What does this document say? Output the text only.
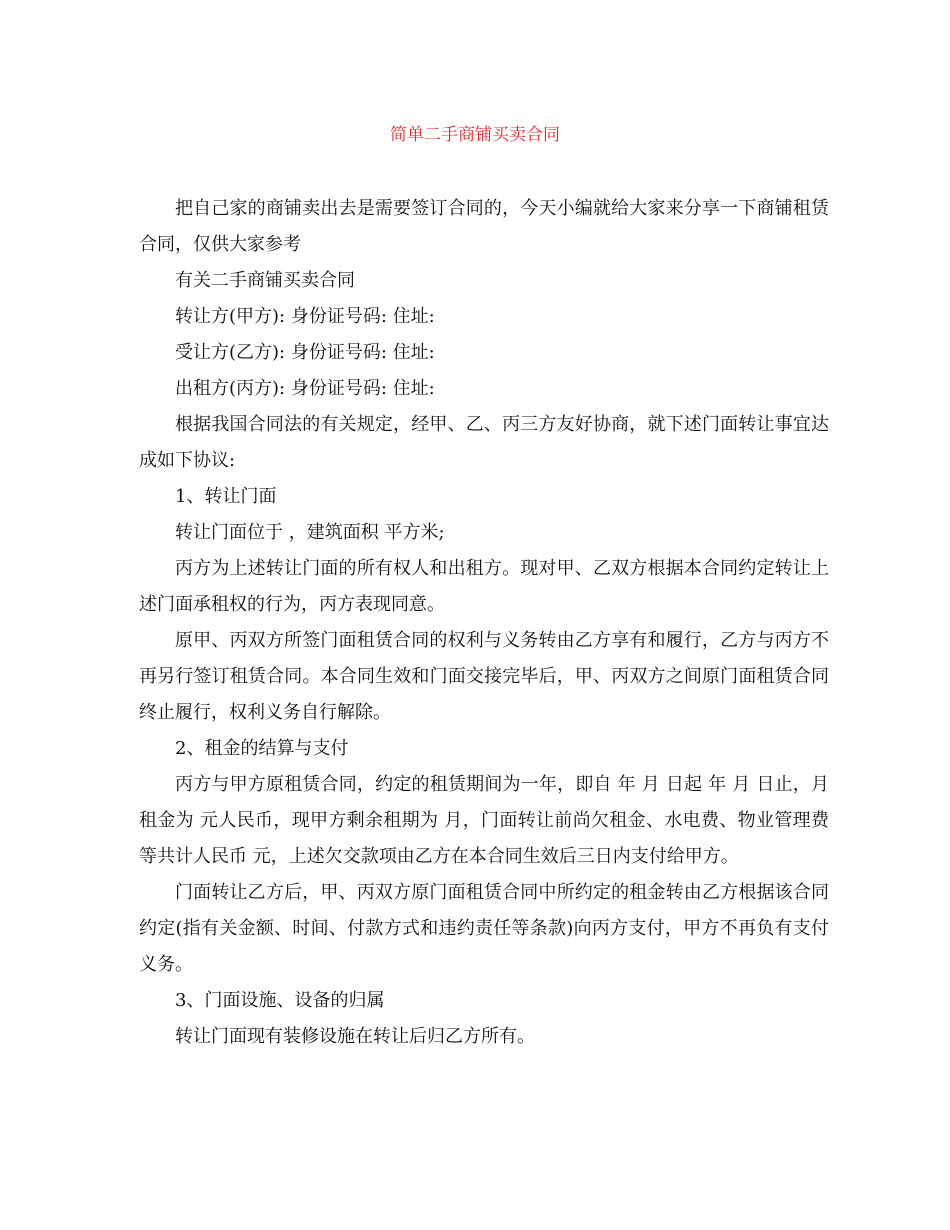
简单二手商铺买卖合同

把自己家的商铺卖出去是需要签订合同的，今天小编就给大家来分享一下商铺租赁合同，仅供大家参考

有关二手商铺买卖合同

转让方(甲方): 身份证号码: 住址:

受让方(乙方): 身份证号码: 住址:

出租方(丙方): 身份证号码: 住址:

根据我国合同法的有关规定，经甲、乙、丙三方友好协商，就下述门面转让事宜达成如下协议:

1、转让门面

转让门面位于 ，建筑面积 平方米;

丙方为上述转让门面的所有权人和出租方。现对甲、乙双方根据本合同约定转让上述门面承租权的行为，丙方表现同意。

原甲、丙双方所签门面租赁合同的权利与义务转由乙方享有和履行，乙方与丙方不再另行签订租赁合同。本合同生效和门面交接完毕后，甲、丙双方之间原门面租赁合同终止履行，权利义务自行解除。

2、租金的结算与支付

丙方与甲方原租赁合同，约定的租赁期间为一年，即自 年 月 日起 年 月 日止，月租金为 元人民币，现甲方剩余租期为 月，门面转让前尚欠租金、水电费、物业管理费等共计人民币 元，上述欠交款项由乙方在本合同生效后三日内支付给甲方。

门面转让乙方后，甲、丙双方原门面租赁合同中所约定的租金转由乙方根据该合同约定(指有关金额、时间、付款方式和违约责任等条款)向丙方支付，甲方不再负有支付义务。

3、门面设施、设备的归属

转让门面现有装修设施在转让后归乙方所有。
